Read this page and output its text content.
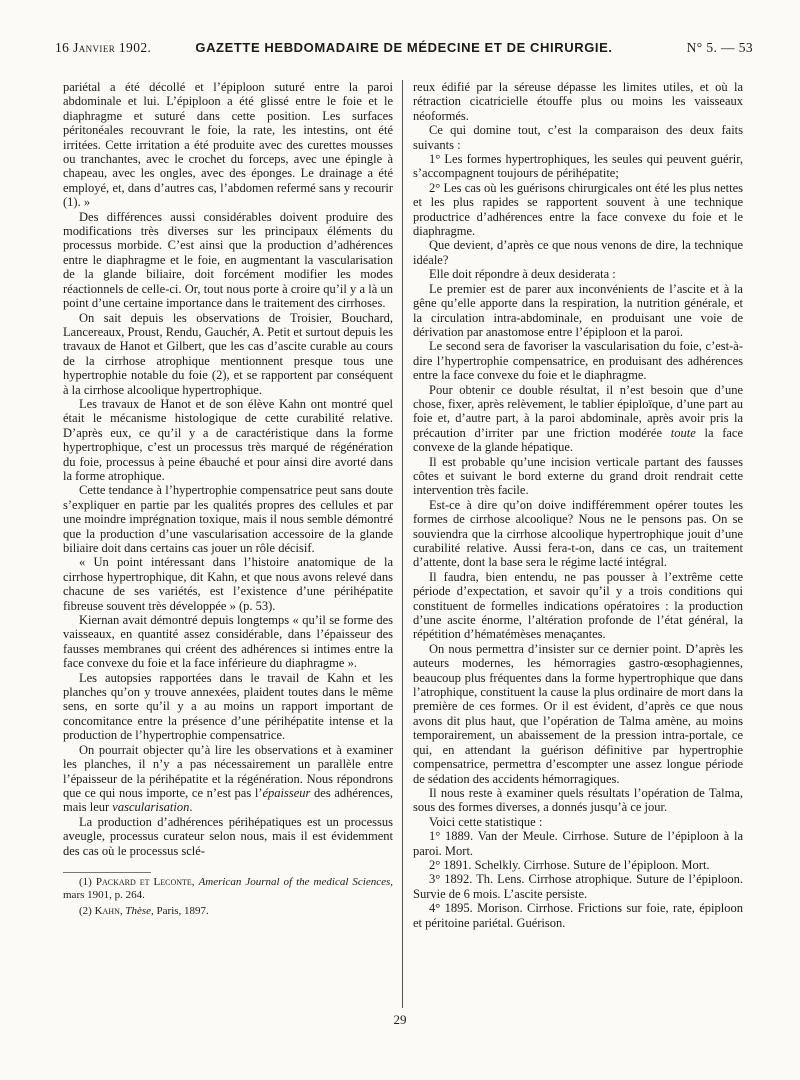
16 Janvier 1902.	GAZETTE HEBDOMADAIRE DE MÉDECINE ET DE CHIRURGIE.	N° 5. — 53

pariétal a été décollé et l’épiploon suturé entre la paroi abdominale et lui. L’épiploon a été glissé entre le foie et le diaphragme et suturé dans cette position. Les surfaces péritonéales recouvrant le foie, la rate, les intestins, ont été irritées. Cette irritation a été produite avec des curettes mousses ou tranchantes, avec le crochet du forceps, avec une épingle à chapeau, avec les ongles, avec des éponges. Le drainage a été employé, et, dans d’autres cas, l’abdomen refermé sans y recourir (1). »

Des différences aussi considérables doivent produire des modifications très diverses sur les principaux éléments du processus morbide. C’est ainsi que la production d’adhérences entre le diaphragme et le foie, en augmentant la vascularisation de la glande biliaire, doit forcément modifier les modes réactionnels de celle-ci. Or, tout nous porte à croire qu’il y a là un point d’une certaine importance dans le traitement des cirrhoses.

On sait depuis les observations de Troisier, Bouchard, Lancereaux, Proust, Rendu, Gauchér, A. Petit et surtout depuis les travaux de Hanot et Gilbert, que les cas d’ascite curable au cours de la cirrhose atrophique mentionnent presque tous une hypertrophie notable du foie (2), et se rapportent par conséquent à la cirrhose alcoolique hypertrophique.

Les travaux de Hanot et de son élève Kahn ont montré quel était le mécanisme histologique de cette curabilité relative. D’après eux, ce qu’il y a de caractéristique dans la forme hypertrophique, c’est un processus très marqué de régénération du foie, processus à peine ébauché et pour ainsi dire avorté dans la forme atrophique.

Cette tendance à l’hypertrophie compensatrice peut sans doute s’expliquer en partie par les qualités propres des cellules et par une moindre imprégnation toxique, mais il nous semble démontré que la production d’une vascularisation accessoire de la glande biliaire doit dans certains cas jouer un rôle décisif.

« Un point intéressant dans l’histoire anatomique de la cirrhose hypertrophique, dit Kahn, et que nous avons relevé dans chacune de ses variétés, est l’existence d’une périhépatite fibreuse souvent très développée » (p. 53).

Kiernan avait démontré depuis longtemps « qu’il se forme des vaisseaux, en quantité assez considérable, dans l’épaisseur des fausses membranes qui créent des adhérences si intimes entre la face convexe du foie et la face inférieure du diaphragme ».

Les autopsies rapportées dans le travail de Kahn et les planches qu’on y trouve annexées, plaident toutes dans le même sens, en sorte qu’il y a au moins un rapport important de concomitance entre la présence d’une périhépatite intense et la production de l’hypertrophie compensatrice.

On pourrait objecter qu’à lire les observations et à examiner les planches, il n’y a pas nécessairement un parallèle entre l’épaisseur de la périhépatite et la régénération. Nous répondrons que ce qui nous importe, ce n’est pas l’épaisseur des adhérences, mais leur vascularisation.

La production d’adhérences périhépatiques est un processus aveugle, processus curateur selon nous, mais il est évidemment des cas où le processus sclé-

(1) Packard et Leconte, American Journal of the medical Sciences, mars 1901, p. 264.

(2) Kahn, Thèse, Paris, 1897.

reux édifié par la séreuse dépasse les limites utiles, et où la rétraction cicatricielle étouffe plus ou moins les vaisseaux néoformés.

Ce qui domine tout, c’est la comparaison des deux faits suivants :

1° Les formes hypertrophiques, les seules qui peuvent guérir, s’accompagnent toujours de périhépatite;

2° Les cas où les guérisons chirurgicales ont été les plus nettes et les plus rapides se rapportent souvent à une technique productrice d’adhérences entre la face convexe du foie et le diaphragme.

Que devient, d’après ce que nous venons de dire, la technique idéale?

Elle doit répondre à deux desiderata :

Le premier est de parer aux inconvénients de l’ascite et à la gêne qu’elle apporte dans la respiration, la nutrition générale, et la circulation intra-abdominale, en produisant une voie de dérivation par anastomose entre l’épiploon et la paroi.

Le second sera de favoriser la vascularisation du foie, c’est-à-dire l’hypertrophie compensatrice, en produisant des adhérences entre la face convexe du foie et le diaphragme.

Pour obtenir ce double résultat, il n’est besoin que d’une chose, fixer, après relèvement, le tablier épiploïque, d’une part au foie et, d’autre part, à la paroi abdominale, après avoir pris la précaution d’irriter par une friction modérée toute la face convexe de la glande hépatique.

Il est probable qu’une incision verticale partant des fausses côtes et suivant le bord externe du grand droit rendrait cette intervention très facile.

Est-ce à dire qu’on doive indifféremment opérer toutes les formes de cirrhose alcoolique? Nous ne le pensons pas. On se souviendra que la cirrhose alcoolique hypertrophique jouit d’une curabilité relative. Aussi fera-t-on, dans ce cas, un traitement d’attente, dont la base sera le régime lacté intégral.

Il faudra, bien entendu, ne pas pousser à l’extrême cette période d’expectation, et savoir qu’il y a trois conditions qui constituent de formelles indications opératoires : la production d’une ascite énorme, l’altération profonde de l’état général, la répétition d’hématémèses menaçantes.

On nous permettra d’insister sur ce dernier point. D’après les auteurs modernes, les hémorragies gastro-œsophagiennes, beaucoup plus fréquentes dans la forme hypertrophique que dans l’atrophique, constituent la cause la plus ordinaire de mort dans la première de ces formes. Or il est évident, d’après ce que nous avons dit plus haut, que l’opération de Talma amène, au moins temporairement, un abaissement de la pression intra-portale, ce qui, en attendant la guérison définitive par hypertrophie compensatrice, permettra d’escompter une assez longue période de sédation des accidents hémorragiques.

Il nous reste à examiner quels résultats l’opération de Talma, sous des formes diverses, a donnés jusqu’à ce jour.

Voici cette statistique :

1° 1889. Van der Meule. Cirrhose. Suture de l’épiploon à la paroi. Mort.

2° 1891. Schelkly. Cirrhose. Suture de l’épiploon. Mort.

3° 1892. Th. Lens. Cirrhose atrophique. Suture de l’épiploon. Survie de 6 mois. L’ascite persiste.

4° 1895. Morison. Cirrhose. Frictions sur foie, rate, épiploon et péritoine pariétal. Guérison.

29
